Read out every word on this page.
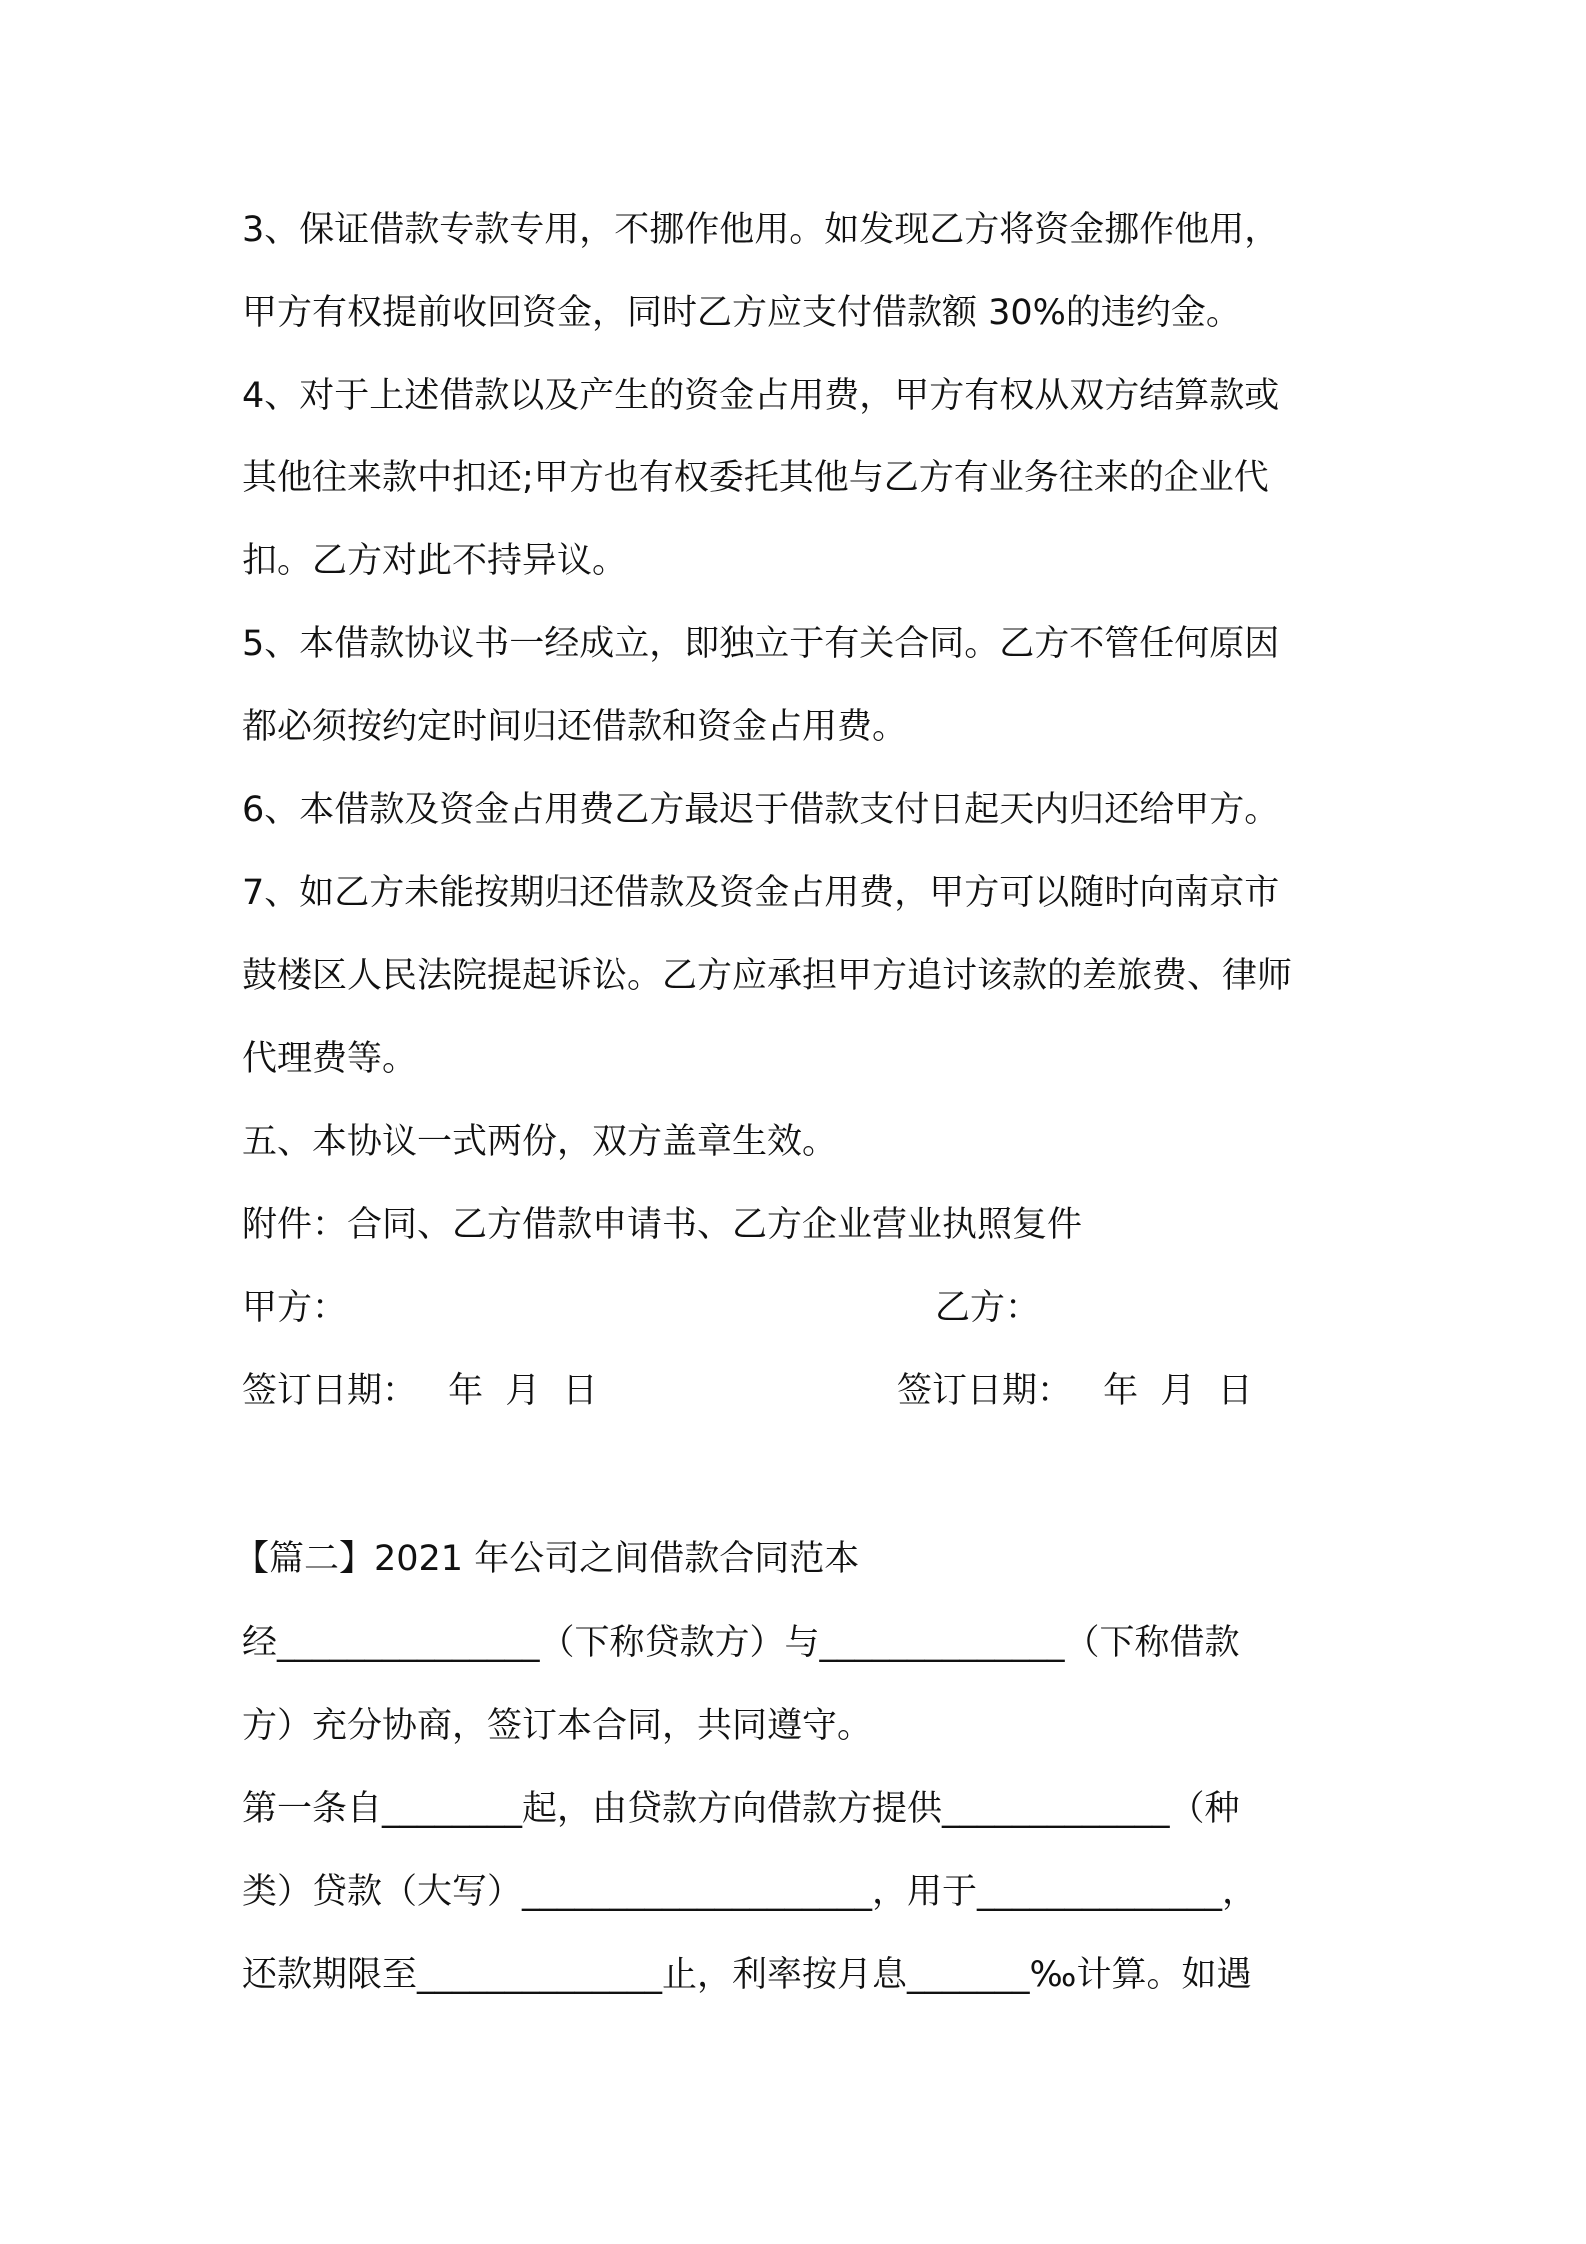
3、保证借款专款专用，不挪作他用。如发现乙方将资金挪作他用，

甲方有权提前收回资金，同时乙方应支付借款额 30%的违约金。

4、对于上述借款以及产生的资金占用费，甲方有权从双方结算款或

其他往来款中扣还;甲方也有权委托其他与乙方有业务往来的企业代

扣。乙方对此不持异议。

5、本借款协议书一经成立，即独立于有关合同。乙方不管任何原因

都必须按约定时间归还借款和资金占用费。

6、本借款及资金占用费乙方最迟于借款支付日起天内归还给甲方。

7、如乙方未能按期归还借款及资金占用费，甲方可以随时向南京市

鼓楼区人民法院提起诉讼。乙方应承担甲方追讨该款的差旅费、律师

代理费等。

五、本协议一式两份，双方盖章生效。

附件：合同、乙方借款申请书、乙方企业营业执照复件

甲方：	乙方：
签订日期： 年  月  日	签订日期： 年  月  日

【篇二】2021 年公司之间借款合同范本

经_______________（下称贷款方）与______________（下称借款

方）充分协商，签订本合同，共同遵守。

第一条自________起，由贷款方向借款方提供_____________（种

类）贷款（大写）____________________，用于______________，

还款期限至______________止，利率按月息_______‰计算。如遇
